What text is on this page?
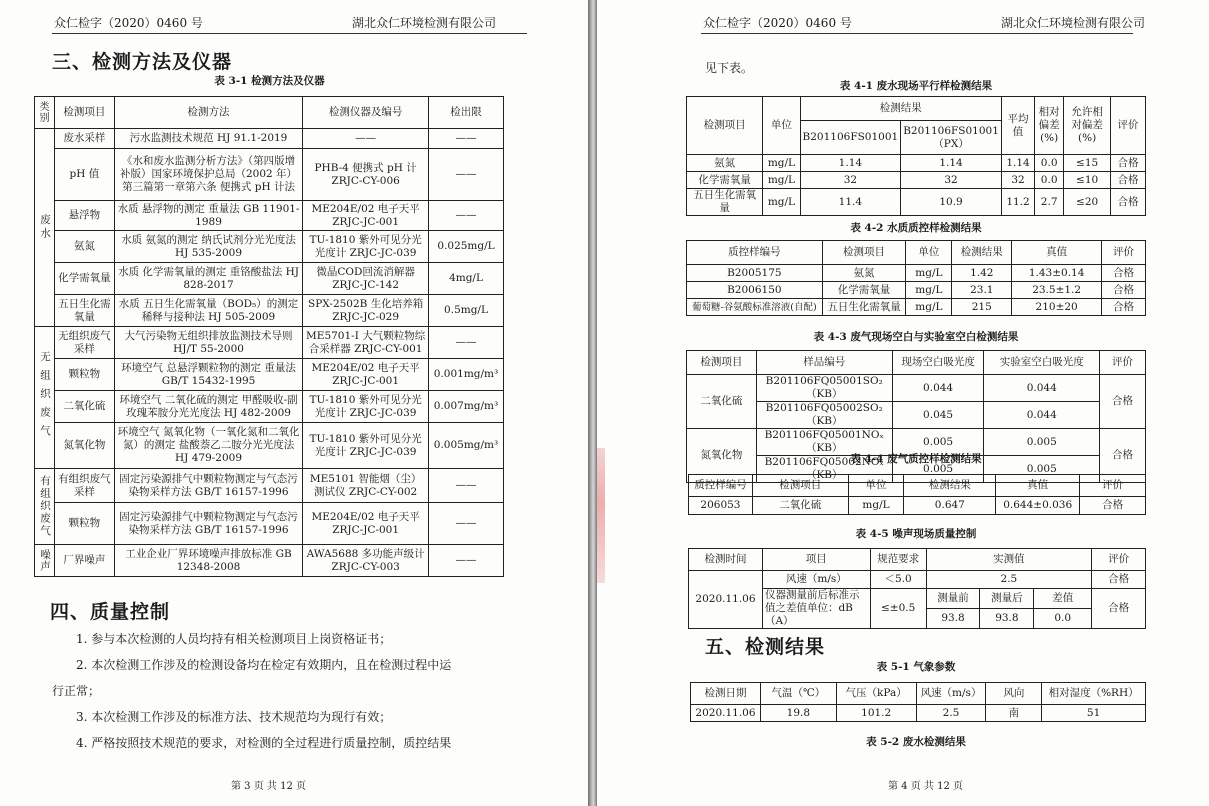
众仁检字（2020）0460 号	湖北众仁环境检测有限公司
三、检测方法及仪器
表 3-1 检测方法及仪器
类别	检测项目	检测方法	检测仪器及编号	检出限
废水	废水采样	污水监测技术规范 HJ 91.1-2019	——	——
	pH 值	《水和废水监测分析方法》（第四版增补版）国家环境保护总局（2002 年）第三篇第一章第六条 便携式 pH 计法	PHB-4 便携式 pH 计 ZRJC-CY-006	——
	悬浮物	水质 悬浮物的测定 重量法 GB 11901-1989	ME204E/02 电子天平 ZRJC-JC-001	——
	氨氮	水质 氨氮的测定 纳氏试剂分光光度法 HJ 535-2009	TU-1810 紫外可见分光光度计 ZRJC-JC-039	0.025mg/L
	化学需氧量	水质 化学需氧量的测定 重铬酸盐法 HJ 828-2017	微晶COD回流消解器 ZRJC-JC-142	4mg/L
	五日生化需氧量	水质 五日生化需氧量（BOD₅）的测定 稀释与接种法 HJ 505-2009	SPX-2502B 生化培养箱 ZRJC-JC-029	0.5mg/L
无组织废气	无组织废气采样	大气污染物无组织排放监测技术导则 HJ/T 55-2000	ME5701-I 大气颗粒物综合采样器 ZRJC-CY-001	——
	颗粒物	环境空气 总悬浮颗粒物的测定 重量法 GB/T 15432-1995	ME204E/02 电子天平 ZRJC-JC-001	0.001mg/m³
	二氧化硫	环境空气 二氧化硫的测定 甲醛吸收-副玫瑰苯胺分光光度法 HJ 482-2009	TU-1810 紫外可见分光光度计 ZRJC-JC-039	0.007mg/m³
	氮氧化物	环境空气 氮氧化物（一氧化氮和二氧化氮）的测定 盐酸萘乙二胺分光光度法 HJ 479-2009	TU-1810 紫外可见分光光度计 ZRJC-JC-039	0.005mg/m³
有组织废气	有组织废气采样	固定污染源排气中颗粒物测定与气态污染物采样方法 GB/T 16157-1996	ME5101 智能烟（尘）测试仪 ZRJC-CY-002	——
	颗粒物	固定污染源排气中颗粒物测定与气态污染物采样方法 GB/T 16157-1996	ME204E/02 电子天平 ZRJC-JC-001	——
噪声	厂界噪声	工业企业厂界环境噪声排放标准 GB 12348-2008	AWA5688 多功能声级计 ZRJC-CY-003	——
四、质量控制
1. 参与本次检测的人员均持有相关检测项目上岗资格证书；
2. 本次检测工作涉及的检测设备均在检定有效期内，且在检测过程中运
行正常；
3. 本次检测工作涉及的标准方法、技术规范均为现行有效；
4. 严格按照技术规范的要求，对检测的全过程进行质量控制，质控结果
第 3 页 共 12 页
众仁检字（2020）0460 号	湖北众仁环境检测有限公司
见下表。
表 4-1 废水现场平行样检测结果
检测项目	单位	检测结果		平均值	相对偏差(%)	允许相对偏差(%)	评价
		B201106FS01001	B201106FS01001
（PX）				
氨氮	mg/L	1.14	1.14	1.14	0.0	≤15	合格
化学需氧量	mg/L	32	32	32	0.0	≤10	合格
五日生化需氧量	mg/L	11.4	10.9	11.2	2.7	≤20	合格
表 4-2 水质质控样检测结果
质控样编号	检测项目	单位	检测结果	真值	评价
B2005175	氨氮	mg/L	1.42	1.43±0.14	合格
B2006150	化学需氧量	mg/L	23.1	23.5±1.2	合格
葡萄糖-谷氨酸标准溶液(自配)	五日生化需氧量	mg/L	215	210±20	合格
表 4-3 废气现场空白与实验室空白检测结果
检测项目	样品编号	现场空白吸光度	实验室空白吸光度	评价
二氧化硫	B201106FQ05001SO₂（KB）	0.044	0.044	合格
	B201106FQ05002SO₂（KB）	0.045	0.044	
氮氧化物	B201106FQ05001NOₓ（KB）	0.005	0.005	合格
	B201106FQ05002NOₓ（KB）	0.005	0.005	
表 4-4 废气质控样检测结果
质控样编号	检测项目	单位	检测结果	真值	评价
206053	二氧化硫	mg/L	0.647	0.644±0.036	合格
表 4-5 噪声现场质量控制
检测时间	项目	规范要求	实测值			评价
2020.11.06	风速（m/s）	＜5.0	2.5			合格
	仪器测量前后标准示值之差值单位：dB（A）	≤±0.5	测量前	测量后	差值	合格
			93.8	93.8	0.0	
五、检测结果
表 5-1 气象参数
检测日期	气温（℃）	气压（kPa）	风速（m/s）	风向	相对湿度（%RH）
2020.11.06	19.8	101.2	2.5	南	51
表 5-2 废水检测结果
第 4 页 共 12 页
